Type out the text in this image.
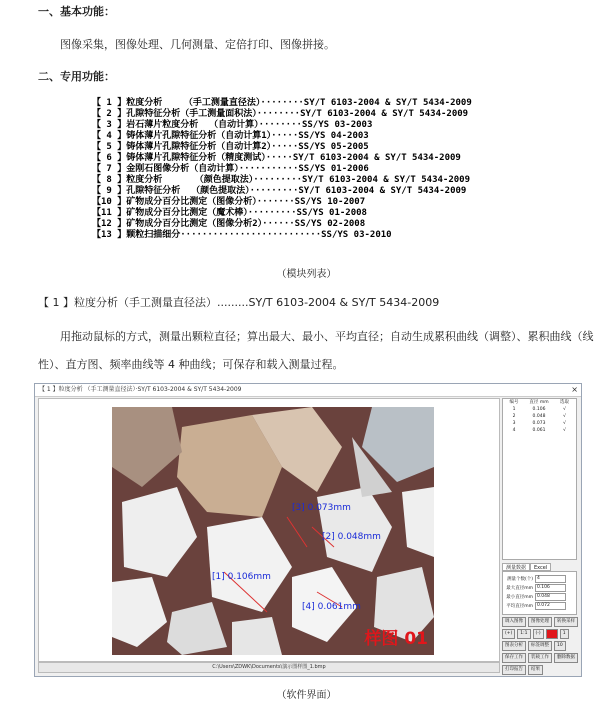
一、基本功能：
图像采集，图像处理、几何测量、定倍打印、图像拼接。
二、专用功能：
【 1 】粒度分析    （手工测量直径法）········SY/T 6103-2004 & SY/T 5434-2009
【 2 】孔隙特征分析（手工测量面积法）········SY/T 6103-2004 & SY/T 5434-2009
【 3 】岩石薄片粒度分析  （自动计算）········SS/YS 03-2003
【 4 】铸体薄片孔隙特征分析（自动计算1）·····SS/YS 04-2003
【 5 】铸体薄片孔隙特征分析（自动计算2）·····SS/YS 05-2005
【 6 】铸体薄片孔隙特征分析（精度测试）·····SY/T 6103-2004 & SY/T 5434-2009
【 7 】金刚石图像分析（自动计算）···········SS/YS 01-2006
【 8 】粒度分析      （颜色提取法）·········SY/T 6103-2004 & SY/T 5434-2009
【 9 】孔隙特征分析  （颜色提取法）·········SY/T 6103-2004 & SY/T 5434-2009
【10 】矿物成分百分比测定（图像分析）·······SS/YS 10-2007
【11 】矿物成分百分比测定（魔术棒）·········SS/YS 01-2008
【12 】矿物成分百分比测定（图像分析2）······SS/YS 02-2008
【13 】颗粒扫描细分··························SS/YS 03-2010
（模块列表）
【 1 】粒度分析（手工测量直径法）.........SY/T 6103-2004 & SY/T 5434-2009
用拖动鼠标的方式，测量出颗粒直径；算出最大、最小、平均直径；自动生成累积曲线（调整）、累积曲线（线
性）、直方图、频率曲线等 4 种曲线；可保存和载入测量过程。
【 1 】粒度分析 （手工测量直径法）·SY/T 6103-2004 & SY/T 5434-2009	×
[3] 0.073mm
[2] 0.048mm
[1] 0.106mm
[4] 0.061mm
样图 01
C:\Users\ZDWK\Documents\演示图样图_1.bmp
编号	直径 mm	选取
1	0.106	√
2	0.048	√
3	0.073	√
4	0.061	√
测量数据	Excel
测量个数(个) 4
最大直径mm 0.106
最小直径mm 0.048
平均直径mm 0.072
调入图像	图像处理	转换采样
(+)	1:1	(-)	1
图表分析	标签调整	10
保存工作	装载工作	删除数据
打印报告	结果
（软件界面）
